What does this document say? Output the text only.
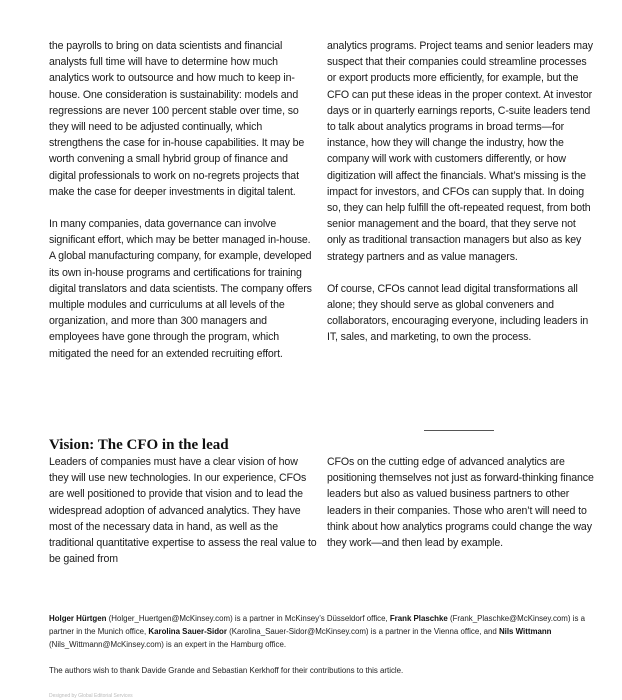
the payrolls to bring on data scientists and financial analysts full time will have to determine how much analytics work to outsource and how much to keep in-house. One consideration is sustainability: models and regressions are never 100 percent stable over time, so they will need to be adjusted continually, which strengthens the case for in-house capabilities. It may be worth convening a small hybrid group of finance and digital professionals to work on no-regrets projects that make the case for deeper investments in digital talent.

In many companies, data governance can involve significant effort, which may be better managed in-house. A global manufacturing company, for example, developed its own in-house programs and certifications for training digital translators and data scientists. The company offers multiple modules and curriculums at all levels of the organization, and more than 300 managers and employees have gone through the program, which mitigated the need for an extended recruiting effort.

analytics programs. Project teams and senior leaders may suspect that their companies could streamline processes or export products more efficiently, for example, but the CFO can put these ideas in the proper context. At investor days or in quarterly earnings reports, C-suite leaders tend to talk about analytics programs in broad terms—for instance, how they will change the industry, how the company will work with customers differently, or how digitization will affect the financials. What’s missing is the impact for investors, and CFOs can supply that. In doing so, they can help fulfill the oft-repeated request, from both senior management and the board, that they serve not only as traditional transaction managers but also as key strategy partners and as value managers.

Of course, CFOs cannot lead digital transformations all alone; they should serve as global conveners and collaborators, encouraging everyone, including leaders in IT, sales, and marketing, to own the process.

Vision: The CFO in the lead

Leaders of companies must have a clear vision of how they will use new technologies. In our experience, CFOs are well positioned to provide that vision and to lead the widespread adoption of advanced analytics. They have most of the necessary data in hand, as well as the traditional quantitative expertise to assess the real value to be gained from

CFOs on the cutting edge of advanced analytics are positioning themselves not just as forward-thinking finance leaders but also as valued business partners to other leaders in their companies. Those who aren’t will need to think about how analytics programs could change the way they work—and then lead by example.

Holger Hürtgen (Holger_Huertgen@McKinsey.com) is a partner in McKinsey’s Düsseldorf office, Frank Plaschke (Frank_Plaschke@McKinsey.com) is a partner in the Munich office, Karolina Sauer-Sidor (Karolina_Sauer-Sidor@McKinsey.com) is a partner in the Vienna office, and Nils Wittmann (Nils_Wittmann@McKinsey.com) is an expert in the Hamburg office.

The authors wish to thank Davide Grande and Sebastian Kerkhoff for their contributions to this article.

Designed by Global Editorial Services
